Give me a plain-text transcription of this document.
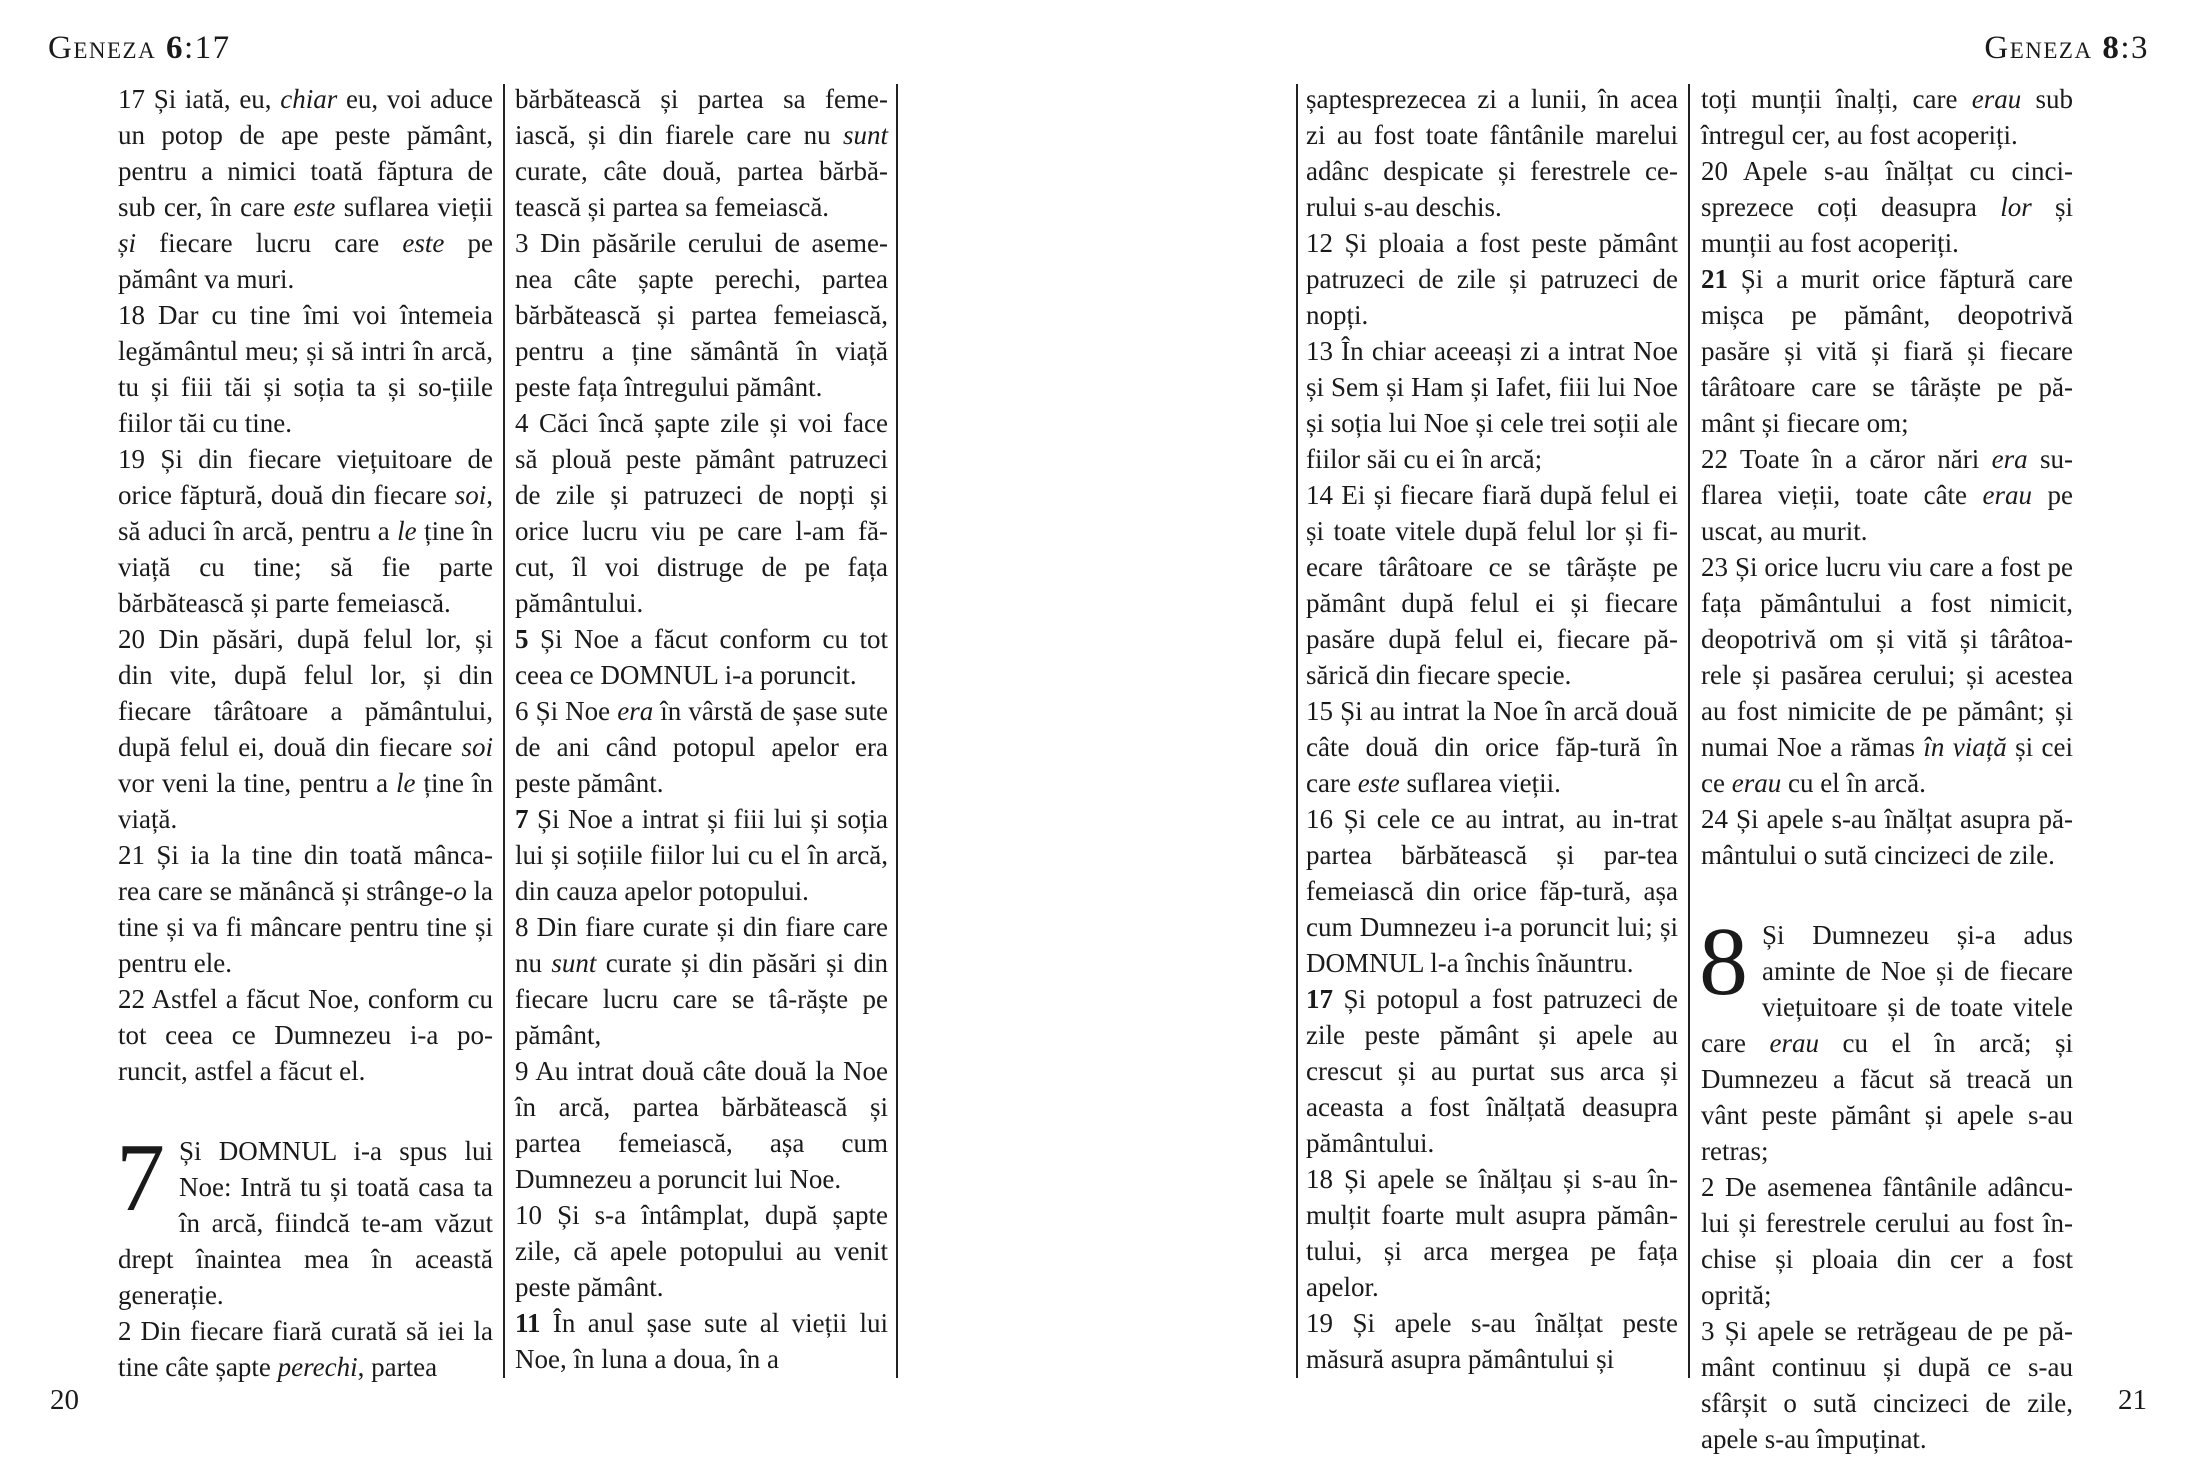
Geneza 6:17

17 Și iată, eu, chiar eu, voi aduce un potop de ape peste pământ, pentru a nimici toată făptura de sub cer, în care este suflarea vieții și fiecare lucru care este pe pământ va muri.

18 Dar cu tine îmi voi întemeia legământul meu; și să intri în arcă, tu și fiii tăi și soția ta și so-țiile fiilor tăi cu tine.

19 Și din fiecare viețuitoare de orice făptură, două din fiecare soi, să aduci în arcă, pentru a le ține în viață cu tine; să fie parte bărbătească și parte femeiască.

20 Din păsări, după felul lor, și din vite, după felul lor, și din fiecare târâtoare a pământului, după felul ei, două din fiecare soi vor veni la tine, pentru a le ține în viață.

21 Și ia la tine din toată mânca-rea care se mănâncă și strânge-o la tine și va fi mâncare pentru tine și pentru ele.

22 Astfel a făcut Noe, conform cu tot ceea ce Dumnezeu i-a po-runcit, astfel a făcut el.

7 Și DOMNUL i-a spus lui Noe: Intră tu și toată casa ta în arcă, fiindcă te-am văzut drept înaintea mea în această generație.

2 Din fiecare fiară curată să iei la tine câte șapte perechi, partea

bărbătească și partea sa feme-iască, și din fiarele care nu sunt curate, câte două, partea bărbă-tească și partea sa femeiască.

3 Din păsările cerului de aseme-nea câte șapte perechi, partea bărbătească și partea femeiască, pentru a ține sământă în viață peste fața întregului pământ.

4 Căci încă șapte zile și voi face să plouă peste pământ patruzeci de zile și patruzeci de nopți și orice lucru viu pe care l-am fă-cut, îl voi distruge de pe fața pământului.

5 Și Noe a făcut conform cu tot ceea ce DOMNUL i-a poruncit.

6 Și Noe era în vârstă de șase sute de ani când potopul apelor era peste pământ.

7 Și Noe a intrat și fiii lui și soția lui și soțiile fiilor lui cu el în arcă, din cauza apelor potopului.

8 Din fiare curate și din fiare care nu sunt curate și din păsări și din fiecare lucru care se tâ-răște pe pământ,

9 Au intrat două câte două la Noe în arcă, partea bărbătească și partea femeiască, așa cum Dumnezeu a poruncit lui Noe.

10 Și s-a întâmplat, după șapte zile, că apele potopului au venit peste pământ.

11 În anul șase sute al vieții lui Noe, în luna a doua, în a

20
Geneza 8:3

șaptesprezecea zi a lunii, în acea zi au fost toate fântânile marelui adânc despicate și ferestrele ce-rului s-au deschis.

12 Și ploaia a fost peste pământ patruzeci de zile și patruzeci de nopți.

13 În chiar aceeași zi a intrat Noe și Sem și Ham și Iafet, fiii lui Noe și soția lui Noe și cele trei soții ale fiilor săi cu ei în arcă;

14 Ei și fiecare fiară după felul ei și toate vitele după felul lor și fi-ecare târâtoare ce se târăște pe pământ după felul ei și fiecare pasăre după felul ei, fiecare pă-sărică din fiecare specie.

15 Și au intrat la Noe în arcă două câte două din orice făp-tură în care este suflarea vieții.

16 Și cele ce au intrat, au in-trat partea bărbătească și par-tea femeiască din orice făp-tură, așa cum Dumnezeu i-a poruncit lui; și DOMNUL l-a închis înăuntru.

17 Și potopul a fost patruzeci de zile peste pământ și apele au crescut și au purtat sus arca și aceasta a fost înălțată deasupra pământului.

18 Și apele se înălțau și s-au în-mulțit foarte mult asupra pămân-tului, și arca mergea pe fața apelor.

19 Și apele s-au înălțat peste măsură asupra pământului și

toți munții înalți, care erau sub întregul cer, au fost acoperiți.

20 Apele s-au înălțat cu cinci-sprezece coți deasupra lor și munții au fost acoperiți.

21 Și a murit orice făptură care mișca pe pământ, deopotrivă pasăre și vită și fiară și fiecare târâtoare care se târăște pe pă-mânt și fiecare om;

22 Toate în a căror nări era su-flarea vieții, toate câte erau pe uscat, au murit.

23 Și orice lucru viu care a fost pe fața pământului a fost nimicit, deopotrivă om și vită și târâtoa-rele și pasărea cerului; și acestea au fost nimicite de pe pământ; și numai Noe a rămas în viață și cei ce erau cu el în arcă.

24 Și apele s-au înălțat asupra pă-mântului o sută cincizeci de zile.

8 Și Dumnezeu și-a adus aminte de Noe și de fiecare viețuitoare și de toate vitele care erau cu el în arcă; și Dumnezeu a făcut să treacă un vânt peste pământ și apele s-au retras;

2 De asemenea fântânile adâncu-lui și ferestrele cerului au fost în-chise și ploaia din cer a fost oprită;

3 Și apele se retrăgeau de pe pă-mânt continuu și după ce s-au sfârșit o sută cincizeci de zile, apele s-au împuținat.

21
